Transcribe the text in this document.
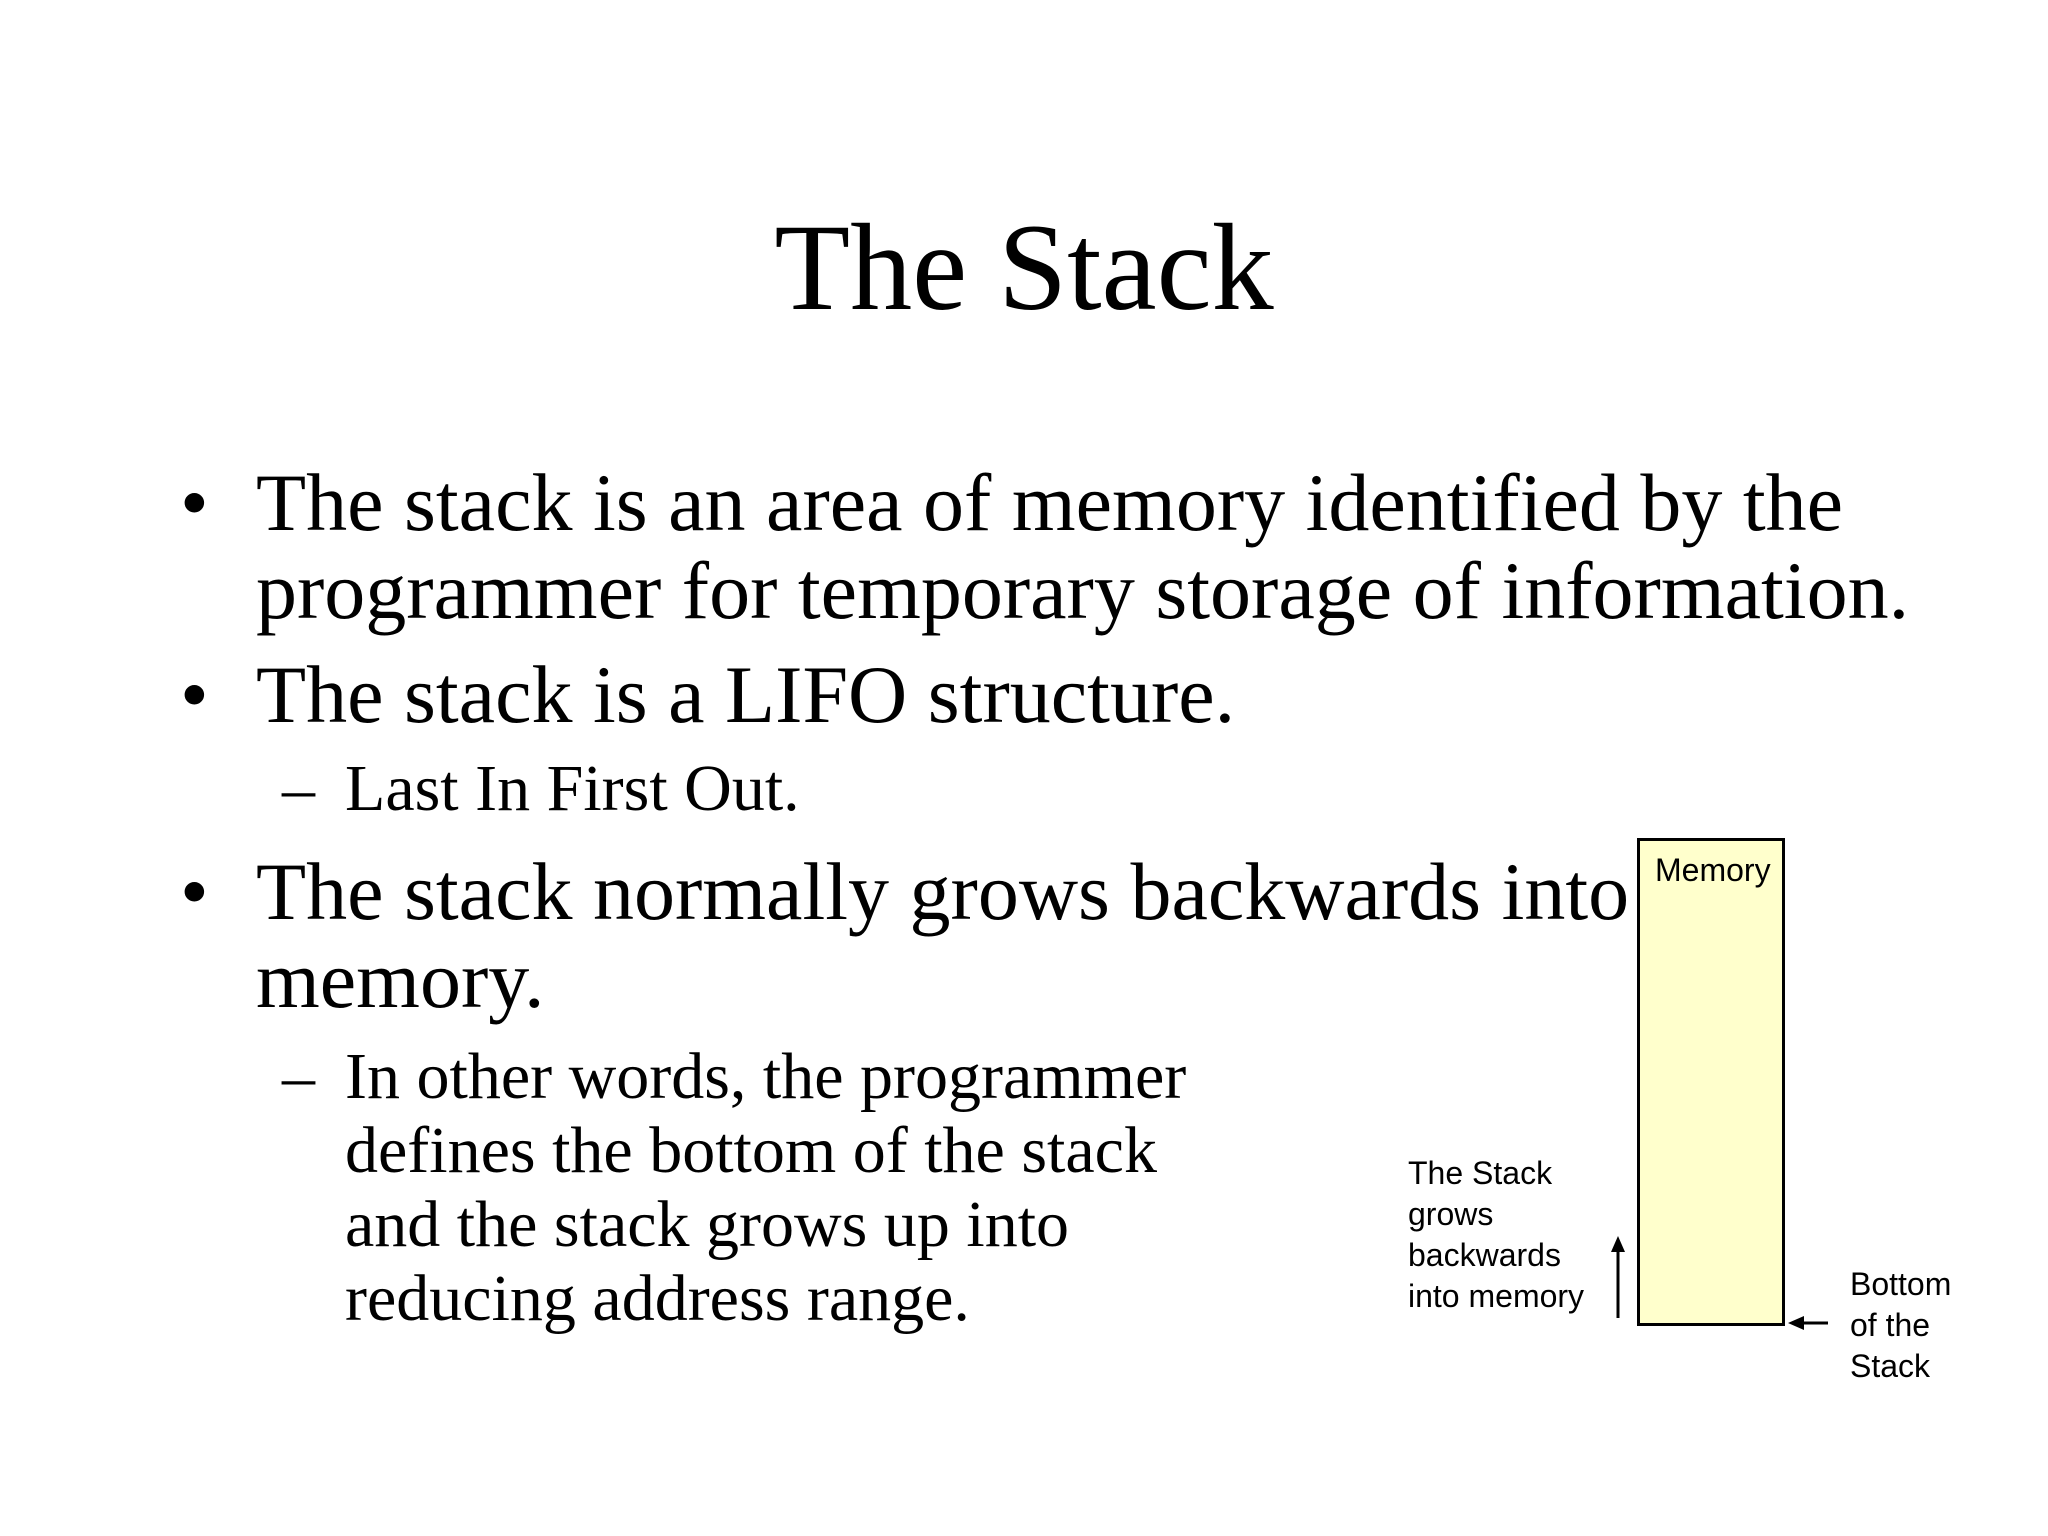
The Stack
• The stack is an area of memory identified by the
programmer for temporary storage of information.
• The stack is a LIFO structure.
– Last In First Out.
• The stack normally grows backwards into
memory.
– In other words, the programmer
defines the bottom of the stack
and the stack grows up into
reducing address range.
Memory
The Stack
grows
backwards
into memory	Bottom
of the
Stack
